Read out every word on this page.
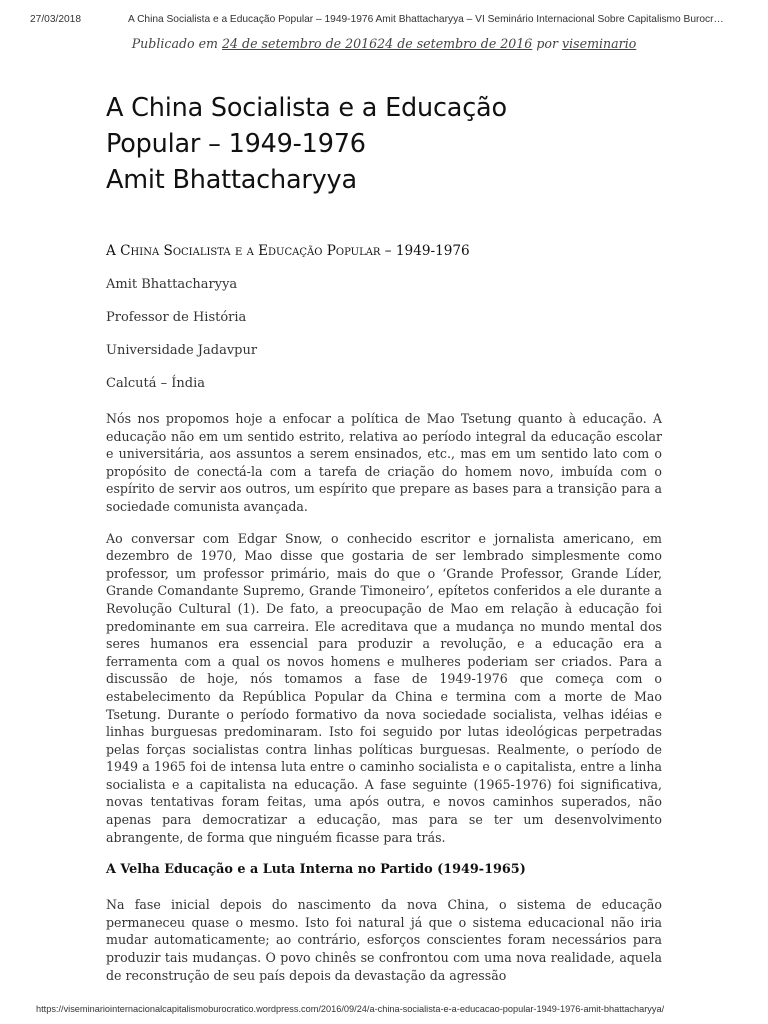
27/03/2018	A China Socialista e a Educação Popular – 1949-1976 Amit Bhattacharyya – VI Seminário Internacional Sobre Capitalismo Burocr…
Publicado em 24 de setembro de 201624 de setembro de 2016 por viseminario
A China Socialista e a Educação
Popular – 1949-1976
Amit Bhattacharyya
A China Socialista e a Educação Popular – 1949-1976

Amit Bhattacharyya

Professor de História

Universidade Jadavpur

Calcutá – Índia

Nós nos propomos hoje a enfocar a política de Mao Tsetung quanto à educação. A educação não em um sentido estrito, relativa ao período integral da educação escolar e universitária, aos assuntos a serem ensinados, etc., mas em um sentido lato com o propósito de conectá-la com a tarefa de criação do homem novo, imbuída com o espírito de servir aos outros, um espírito que prepare as bases para a transição para a sociedade comunista avançada.

Ao conversar com Edgar Snow, o conhecido escritor e jornalista americano, em dezembro de 1970, Mao disse que gostaria de ser lembrado simplesmente como professor, um professor primário, mais do que o ‘Grande Professor, Grande Líder, Grande Comandante Supremo, Grande Timoneiro’, epítetos conferidos a ele durante a Revolução Cultural (1). De fato, a preocupação de Mao em relação à educação foi predominante em sua carreira. Ele acreditava que a mudança no mundo mental dos seres humanos era essencial para produzir a revolução, e a educação era a ferramenta com a qual os novos homens e mulheres poderiam ser criados. Para a discussão de hoje, nós tomamos a fase de 1949-1976 que começa com o estabelecimento da República Popular da China e termina com a morte de Mao Tsetung. Durante o período formativo da nova sociedade socialista, velhas idéias e linhas burguesas predominaram. Isto foi seguido por lutas ideológicas perpetradas pelas forças socialistas contra linhas políticas burguesas. Realmente, o período de 1949 a 1965 foi de intensa luta entre o caminho socialista e o capitalista, entre a linha socialista e a capitalista na educação. A fase seguinte (1965-1976) foi significativa, novas tentativas foram feitas, uma após outra, e novos caminhos superados, não apenas para democratizar a educação, mas para se ter um desenvolvimento abrangente, de forma que ninguém ficasse para trás.

A Velha Educação e a Luta Interna no Partido (1949-1965)

Na fase inicial depois do nascimento da nova China, o sistema de educação permaneceu quase o mesmo. Isto foi natural já que o sistema educacional não iria mudar automaticamente; ao contrário, esforços conscientes foram necessários para produzir tais mudanças. O povo chinês se confrontou com uma nova realidade, aquela de reconstrução de seu país depois da devastação da agressão

https://viseminariointernacionalcapitalismoburocratico.wordpress.com/2016/09/24/a-china-socialista-e-a-educacao-popular-1949-1976-amit-bhattacharyya/
